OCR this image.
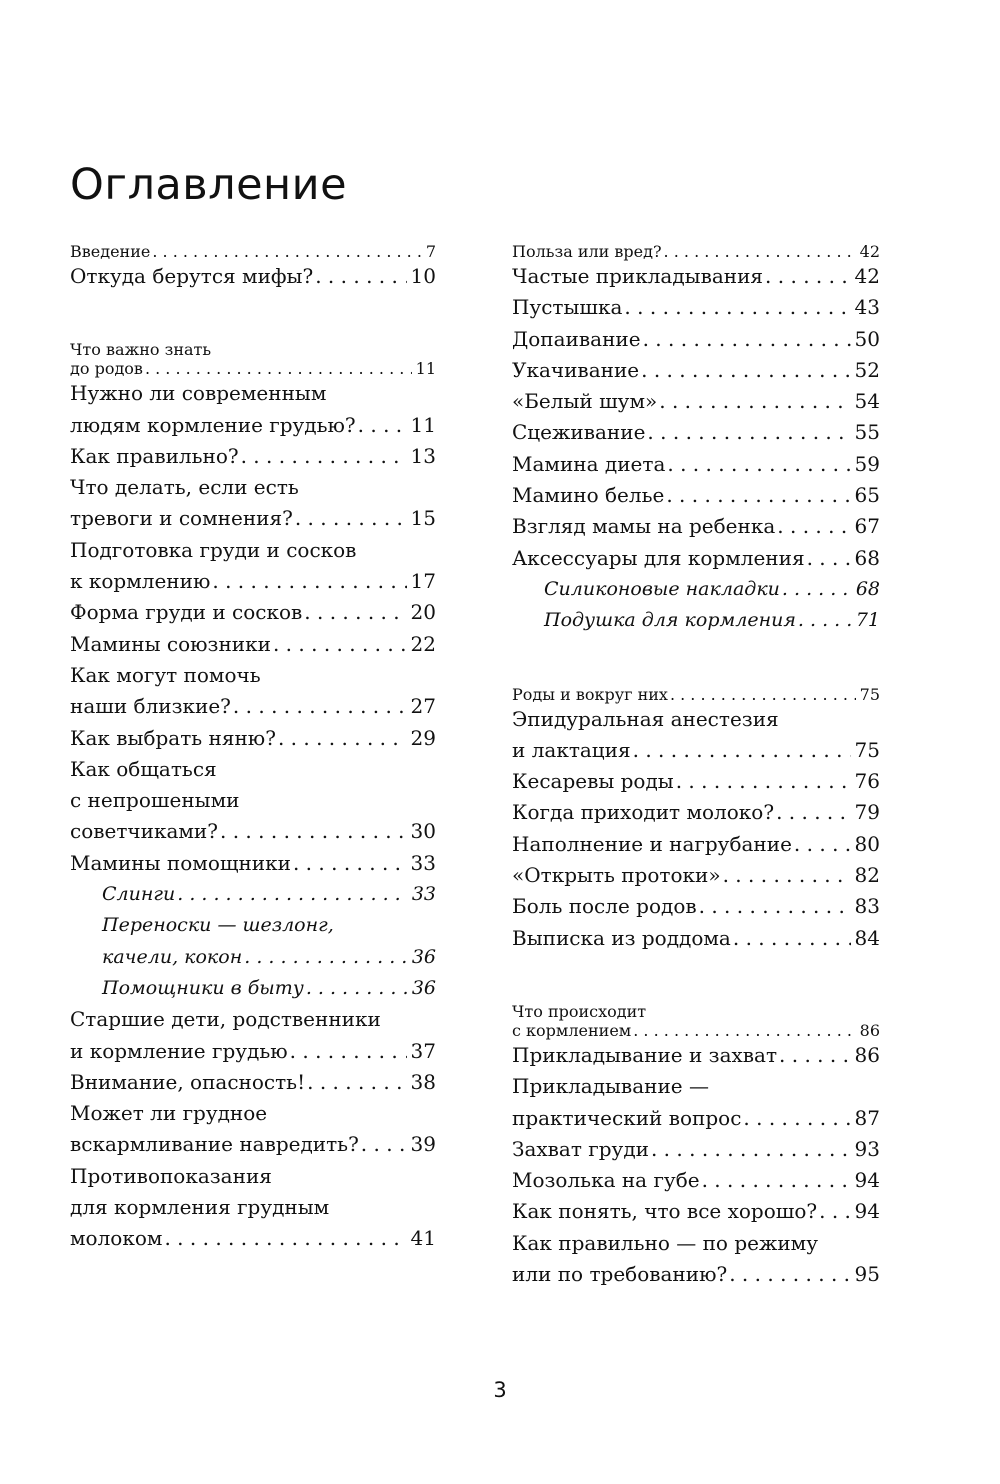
Оглавление
Введение . . .	7
Откуда берутся мифы? . . .	10
Что важно знать
до родов . . .	11
Нужно ли современным
людям кормление грудью? . . .	11
Как правильно? . . .	13
Что делать, если есть
тревоги и сомнения? . . .	15
Подготовка груди и сосков
к кормлению . . .	17
Форма груди и сосков . . .	20
Мамины союзники . . .	22
Как могут помочь
наши близкие? . . .	27
Как выбрать няню? . . .	29
Как общаться
с непрошеными
советчиками? . . .	30
Мамины помощники . . .	33
Слинги . . .	33
Переноски — шезлонг,
качели, кокон . . .	36
Помощники в быту . . .	36
Старшие дети, родственники
и кормление грудью . . .	37
Внимание, опасность! . . .	38
Может ли грудное
вскармливание навредить? . . .	39
Противопоказания
для кормления грудным
молоком . . .	41
Польза или вред? . . .	42
Частые прикладывания . . .	42
Пустышка . . .	43
Допаивание . . .	50
Укачивание . . .	52
«Белый шум» . . .	54
Сцеживание . . .	55
Мамина диета . . .	59
Мамино белье . . .	65
Взгляд мамы на ребенка . . .	67
Аксессуары для кормления . . . 68
Силиконовые накладки . . .	68
Подушка для кормления . . .	71
Роды и вокруг них . . .	75
Эпидуральная анестезия
и лактация . . .	75
Кесаревы роды . . .	76
Когда приходит молоко? . . .	79
Наполнение и нагрубание . . .	80
«Открыть протоки» . . .	82
Боль после родов . . .	83
Выписка из роддома . . .	84
Что происходит
с кормлением . . .	86
Прикладывание и захват . . .	86
Прикладывание —
практический вопрос . . .	87
Захват груди . . .	93
Мозолька на губе . . .	94
Как понять, что все хорошо? . . . 94
Как правильно — по режиму
или по требованию? . . .	95
3
